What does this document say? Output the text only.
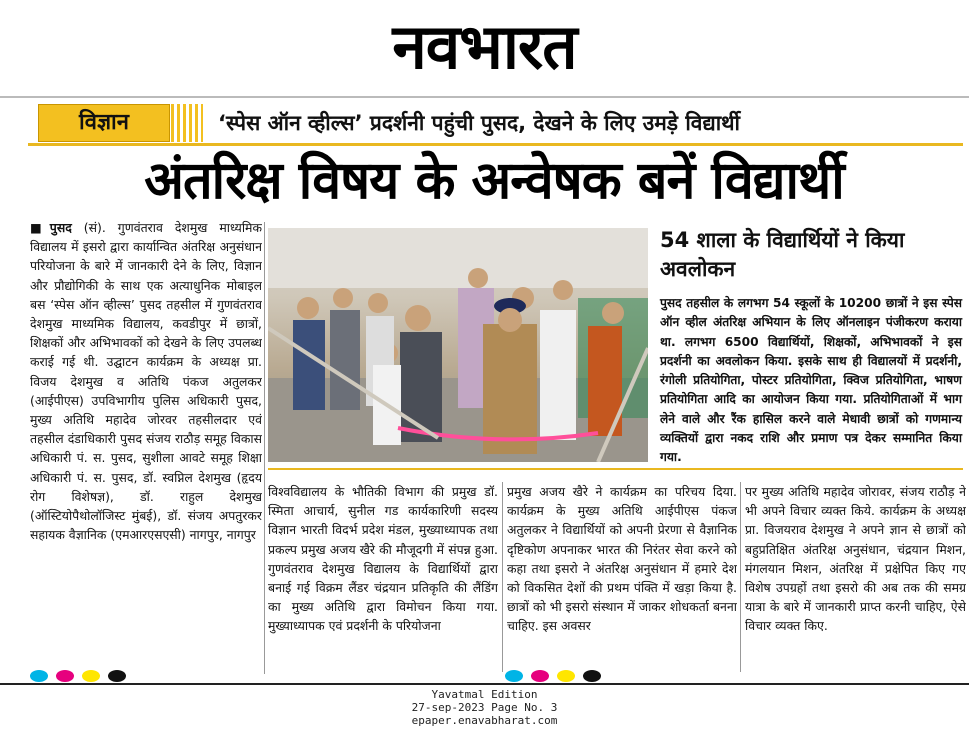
नवभारत
विज्ञान	‘स्पेस ऑन व्हील्स’ प्रदर्शनी पहुंची पुसद, देखने के लिए उमड़े विद्यार्थी
अंतरिक्ष विषय के अन्वेषक बनें विद्यार्थी
■पुसद (सं). गुणवंतराव देशमुख माध्यमिक विद्यालय में इसरो द्वारा कार्यान्वित अंतरिक्ष अनुसंधान परियोजना के बारे में जानकारी देने के लिए, विज्ञान और प्रौद्योगिकी के साथ एक अत्याधुनिक मोबाइल बस ‘स्पेस ऑन व्हील्स’ पुसद तहसील में गुणवंतराव देशमुख माध्यमिक विद्यालय, कवडीपुर में छात्रों, शिक्षकों और अभिभावकों को देखने के लिए उपलब्ध कराई गई थी. उद्घाटन कार्यक्रम के अध्यक्ष प्रा. विजय देशमुख व अतिथि पंकज अतुलकर (आईपीएस) उपविभागीय पुलिस अधिकारी पुसद, मुख्य अतिथि महादेव जोरवर तहसीलदार एवं तहसील दंडाधिकारी पुसद संजय राठौड़ समूह विकास अधिकारी पं. स. पुसद, सुशीला आवटे समूह शिक्षा अधिकारी पं. स. पुसद, डॉ. स्वप्निल देशमुख (हृदय रोग विशेषज्ञ), डॉ. राहुल देशमुख (ऑस्टियोपैथोलॉजिस्ट मुंबई), डॉ. संजय अपतुरकर सहायक वैज्ञानिक (एमआरएसएसी) नागपुर, नागपुर
54 शाला के विद्यार्थियों ने किया अवलोकन
पुसद तहसील के लगभग 54 स्कूलों के 10200 छात्रों ने इस स्पेस ऑन व्हील अंतरिक्ष अभियान के लिए ऑनलाइन पंजीकरण कराया था. लगभग 6500 विद्यार्थियों, शिक्षकों, अभिभावकों ने इस प्रदर्शनी का अवलोकन किया. इसके साथ ही विद्यालयों में प्रदर्शनी, रंगोली प्रतियोगिता, पोस्टर प्रतियोगिता, क्विज प्रतियोगिता, भाषण प्रतियोगिता आदि का आयोजन किया गया. प्रतियोगिताओं में भाग लेने वाले और रैंक हासिल करने वाले मेधावी छात्रों को गणमान्य व्यक्तियों द्वारा नकद राशि और प्रमाण पत्र देकर सम्मानित किया गया.
विश्वविद्यालय के भौतिकी विभाग की प्रमुख डॉ. स्मिता आचार्य, सुनील गड कार्यकारिणी सदस्य विज्ञान भारती विदर्भ प्रदेश मंडल, मुख्याध्यापक तथा प्रकल्प प्रमुख अजय खैरे की मौजूदगी में संपन्न हुआ. गुणवंतराव देशमुख विद्यालय के विद्यार्थियों द्वारा बनाई गई विक्रम लैंडर चंद्रयान प्रतिकृति की लैंडिंग का मुख्य अतिथि द्वारा विमोचन किया गया. मुख्याध्यापक एवं प्रदर्शनी के परियोजना
प्रमुख अजय खैरे ने कार्यक्रम का परिचय दिया. कार्यक्रम के मुख्य अतिथि आईपीएस पंकज अतुलकर ने विद्यार्थियों को अपनी प्रेरणा से वैज्ञानिक दृष्टिकोण अपनाकर भारत की निरंतर सेवा करने को कहा तथा इसरो ने अंतरिक्ष अनुसंधान में हमारे देश को विकसित देशों की प्रथम पंक्ति में खड़ा किया है. छात्रों को भी इसरो संस्थान में जाकर शोधकर्ता बनना चाहिए. इस अवसर
पर मुख्य अतिथि महादेव जोरावर, संजय राठौड़ ने भी अपने विचार व्यक्त किये. कार्यक्रम के अध्यक्ष प्रा. विजयराव देशमुख ने अपने ज्ञान से छात्रों को बहुप्रतिक्षित अंतरिक्ष अनुसंधान, चंद्रयान मिशन, मंगलयान मिशन, अंतरिक्ष में प्रक्षेपित किए गए विशेष उपग्रहों तथा इसरो की अब तक की समग्र यात्रा के बारे में जानकारी प्राप्त करनी चाहिए, ऐसे विचार व्यक्त किए.
Yavatmal Edition
27-sep-2023 Page No. 3
epaper.enavabharat.com
